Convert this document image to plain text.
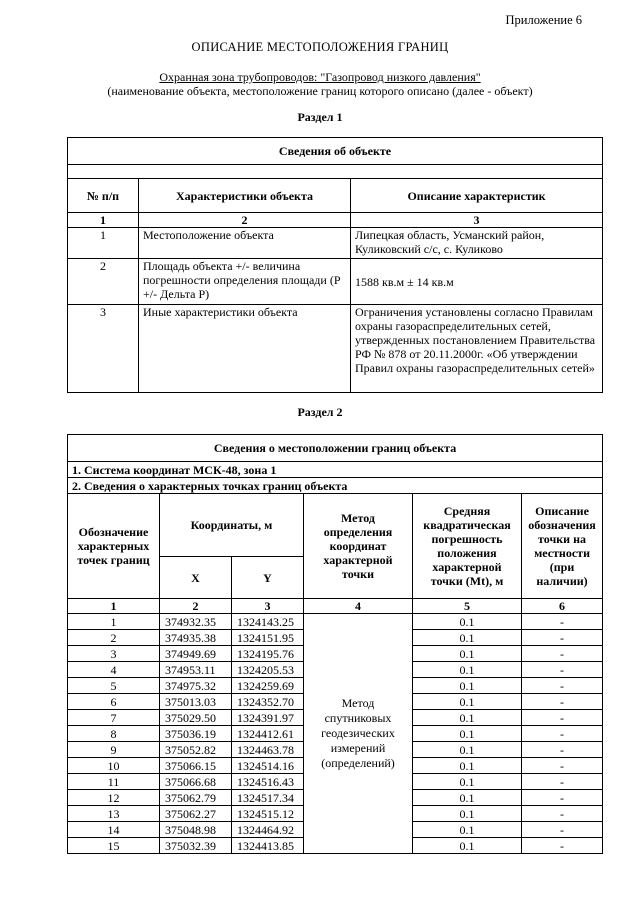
Приложение 6
ОПИСАНИЕ МЕСТОПОЛОЖЕНИЯ ГРАНИЦ
Охранная зона трубопроводов: "Газопровод низкого давления"
(наименование объекта, местоположение границ которого описано (далее - объект)
Раздел 1
Сведения об объекте		

№ п/п	Характеристики объекта	Описание характеристик
1	2	3
1	Местоположение объекта	Липецкая область, Усманский район, Куликовский с/с, с. Куликово
2	Площадь объекта +/- величина погрешности определения площади (Р +/- Дельта Р)	1588 кв.м ± 14 кв.м
3	Иные характеристики объекта	Ограничения установлены согласно Правилам охраны газораспределительных сетей, утвержденных постановлением Правительства РФ № 878 от 20.11.2000г. «Об утверждении Правил охраны газораспределительных сетей»
Раздел 2
Сведения о местоположении границ объекта					
1. Система координат МСК-48, зона 1					
2. Сведения о характерных точках границ объекта					
Обозначение характерных точек границ	Координаты, м		Метод определения координат характерной точки	Средняя квадратическая погрешность положения характерной точки (Mt), м	Описание обозначения точки на местности (при наличии)
	X	Y			
1	2	3	4	5	6
1	374932.35	1324143.25	Метод спутниковых геодезических измерений (определений)	0.1	-
2	374935.38	1324151.95		0.1	-
3	374949.69	1324195.76		0.1	-
4	374953.11	1324205.53		0.1	-
5	374975.32	1324259.69		0.1	-
6	375013.03	1324352.70		0.1	-
7	375029.50	1324391.97		0.1	-
8	375036.19	1324412.61		0.1	-
9	375052.82	1324463.78		0.1	-
10	375066.15	1324514.16		0.1	-
11	375066.68	1324516.43		0.1	-
12	375062.79	1324517.34		0.1	-
13	375062.27	1324515.12		0.1	-
14	375048.98	1324464.92		0.1	-
15	375032.39	1324413.85		0.1	-
